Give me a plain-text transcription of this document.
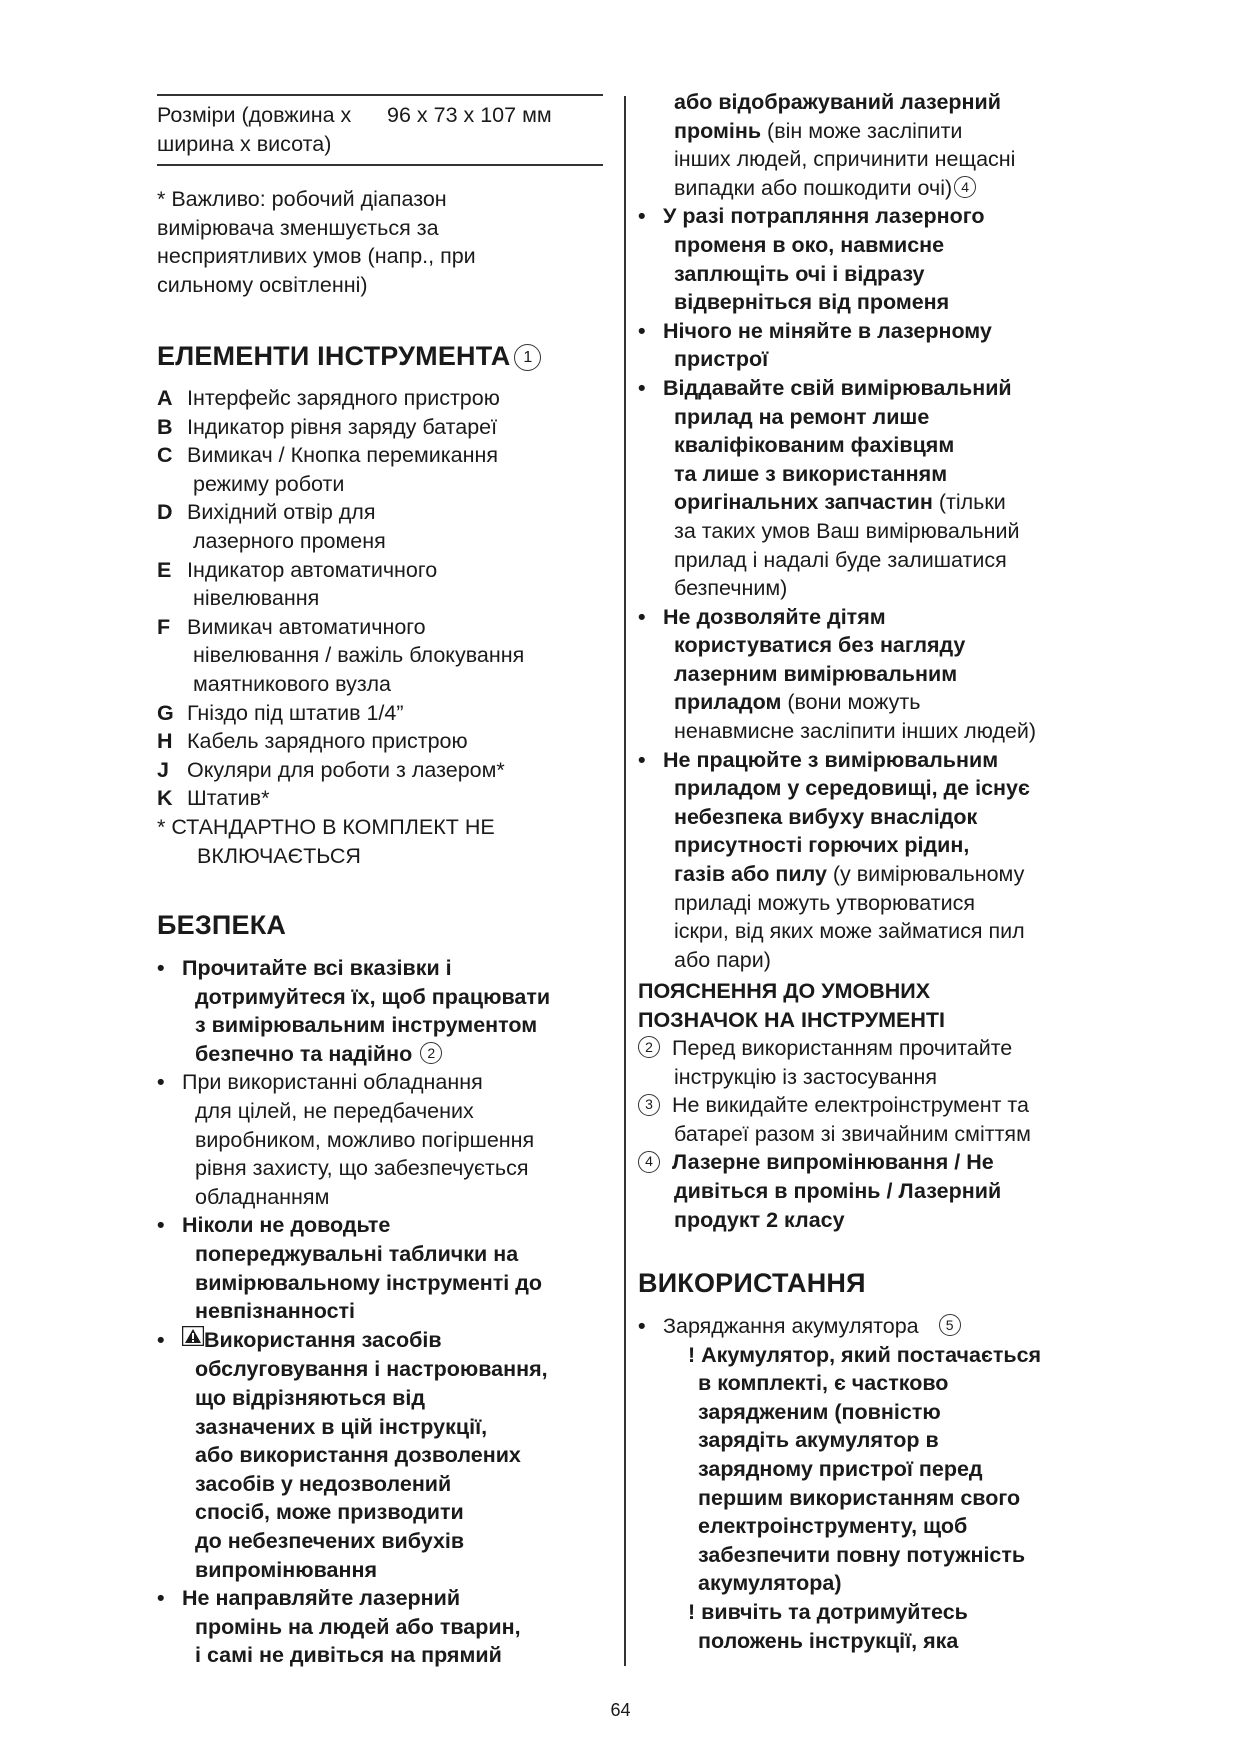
Розміри (довжина x
ширина x висота)
96 x 73 x 107 мм
* Важливо: робочий діапазон
вимірювача зменшується за
несприятливих умов (напр., при
сильному освітленні)
ЕЛЕМЕНТИ ІНСТРУМЕНТА 1
A Інтерфейс зарядного пристрою
B Індикатор рівня заряду батареї
C Вимикач / Кнопка перемикання
режиму роботи
D Вихідний отвір для
лазерного променя
E Індикатор автоматичного
нівелювання
F Вимикач автоматичного
нівелювання / важіль блокування
маятникового вузла
G Гніздо під штатив 1/4”
H Кабель зарядного пристрою
J Окуляри для роботи з лазером*
K Штатив*
* СТАНДАРТНО В КОМПЛЕКТ НЕ
ВКЛЮЧАЄТЬСЯ
БЕЗПЕКА
• Прочитайте всі вказівки і
дотримуйтеся їх, щоб працювати
з вимірювальним інструментом
безпечно та надійно 2
• При використанні обладнання
для цілей, не передбачених
виробником, можливо погіршення
рівня захисту, що забезпечується
обладнанням
• Ніколи не доводьте
попереджувальні таблички на
вимірювальному інструменті до
невпізнанності
•	Використання засобів
обслуговування і настроювання,
що відрізняються від
зазначених в цій інструкції,
або використання дозволених
засобів у недозволений
спосіб, може призводити
до небезпечених вибухів
випромінювання
• Не направляйте лазерний
промінь на людей або тварин,
і самі не дивіться на прямий
або відображуваний лазерний
промінь (він може засліпити
інших людей, спричинити нещасні
випадки або пошкодити очі) 4
• У разі потрапляння лазерного
променя в око, навмисне
заплющіть очі і відразу
відверніться від променя
• Нічого не міняйте в лазерному
пристрої
• Віддавайте свій вимірювальний
прилад на ремонт лише
кваліфікованим фахівцям
та лише з використанням
оригінальних запчастин (тільки
за таких умов Ваш вимірювальний
прилад і надалі буде залишатися
безпечним)
• Не дозволяйте дітям
користуватися без нагляду
лазерним вимірювальним
приладом (вони можуть
ненавмисне засліпити інших людей)
• Не працюйте з вимірювальним
приладом у середовищі, де існує
небезпека вибуху внаслідок
присутності горючих рідин,
газів або пилу (у вимірювальному
приладі можуть утворюватися
іскри, від яких може займатися пил
або пари)
ПОЯСНЕННЯ ДО УМОВНИХ
ПОЗНАЧОК НА ІНСТРУМЕНТІ
2 Перед використанням прочитайте
інструкцію із застосування
3 Не викидайте електроінструмент та
батареї разом зі звичайним сміттям
4 Лазерне випромінювання / Не
дивіться в промінь / Лазерний
продукт 2 класу
ВИКОРИСТАННЯ
• Заряджання акумулятора 5
! Акумулятор, який постачається
в комплекті, є частково
зарядженим (повністю
зарядіть акумулятор в
зарядному пристрої перед
першим використанням свого
електроінструменту, щоб
забезпечити повну потужність
акумулятора)
! вивчіть та дотримуйтесь
положень інструкції, яка
64
